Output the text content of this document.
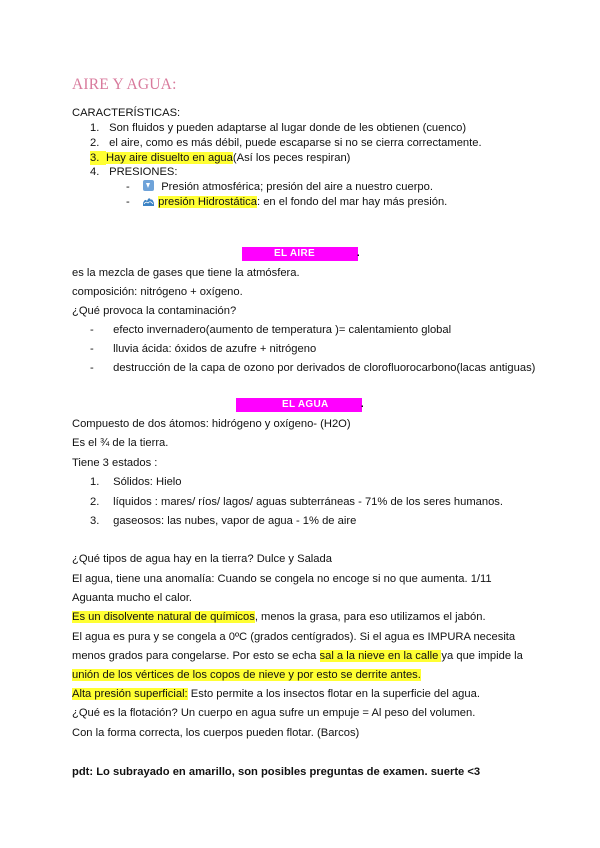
AIRE Y AGUA:
CARACTERÍSTICAS:
1. Son fluidos y pueden adaptarse al lugar donde de les obtienen (cuenco)
2. el aire, como es más débil, puede escaparse si no se cierra correctamente.
3. Hay aire disuelto en agua(Así los peces respiran)
4. PRESIONES:
-	Presión atmosférica; presión del aire a nuestro cuerpo.
-	presión Hidrostática: en el fondo del mar hay más presión.
EL AIRE	.
es la mezcla de gases que tiene la atmósfera.
composición: nitrógeno + oxígeno.
¿Qué provoca la contaminación?
- efecto invernadero(aumento de temperatura )= calentamiento global
- lluvia ácida: óxidos de azufre + nitrógeno
- destrucción de la capa de ozono por derivados de clorofluorocarbono(lacas antiguas)
EL AGUA	.
Compuesto de dos átomos: hidrógeno y oxígeno- (H2O)
Es el ¾ de la tierra.
Tiene 3 estados :
1. Sólidos: Hielo
2. líquidos : mares/ ríos/ lagos/ aguas subterráneas - 71% de los seres humanos.
3. gaseosos: las nubes, vapor de agua - 1% de aire
¿Qué tipos de agua hay en la tierra? Dulce y Salada
El agua, tiene una anomalía: Cuando se congela no encoge si no que aumenta. 1/11
Aguanta mucho el calor.
Es un disolvente natural de químicos, menos la grasa, para eso utilizamos el jabón.
El agua es pura y se congela a 0ºC (grados centígrados). Si el agua es IMPURA necesita
menos grados para congelarse. Por esto se echa sal a la nieve en la calle ya que impide la
unión de los vértices de los copos de nieve y por esto se derrite antes.
Alta presión superficial: Esto permite a los insectos flotar en la superficie del agua.
¿Qué es la flotación? Un cuerpo en agua sufre un empuje = Al peso del volumen.
Con la forma correcta, los cuerpos pueden flotar. (Barcos)
pdt: Lo subrayado en amarillo, son posibles preguntas de examen. suerte <3
